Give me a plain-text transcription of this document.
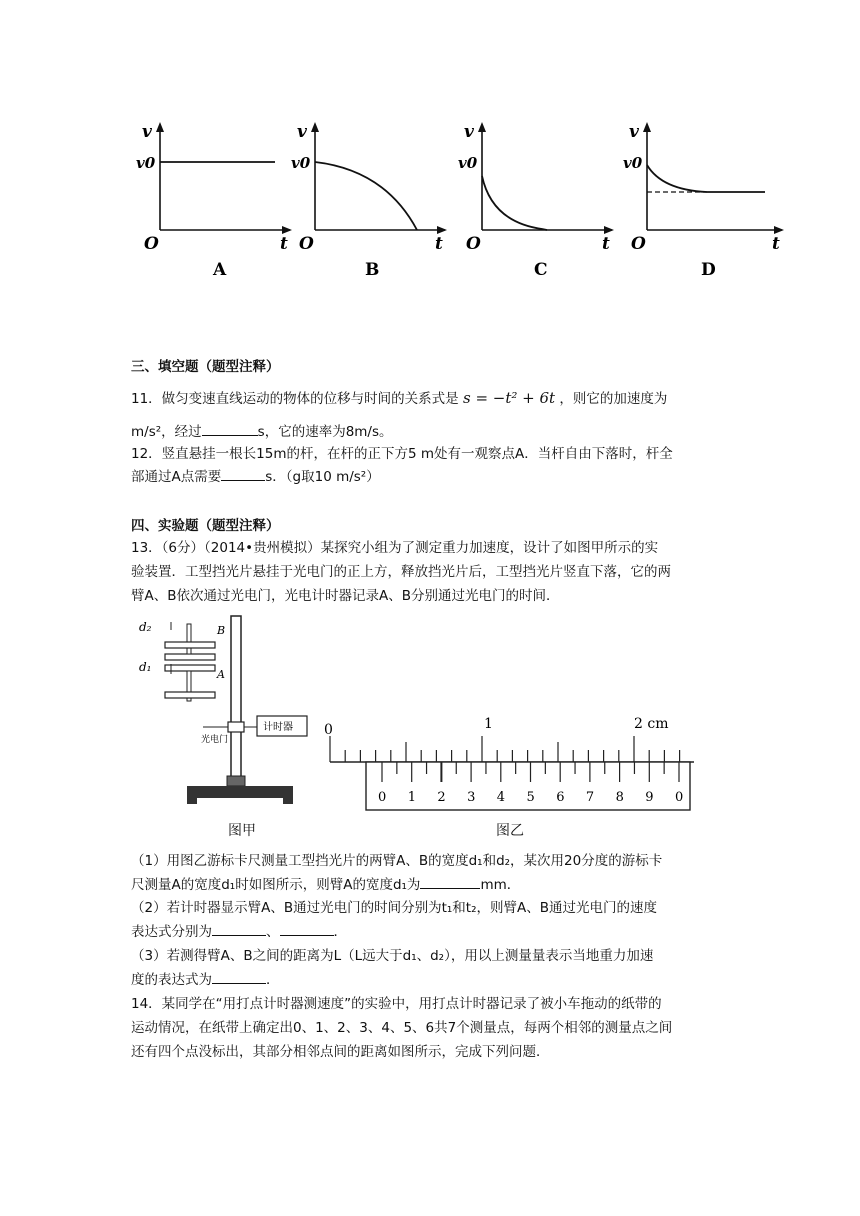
v
v0
O	t
A
v
v0
O	t
B
v
v0
O	t
C
v
v0
O	t
D
三、填空题（题型注释）
11．做匀变速直线运动的物体的位移与时间的关系式是 s = −t² + 6t ，则它的加速度为
m/s²，经过	s，它的速率为8m/s。
12．竖直悬挂一根长15m的杆，在杆的正下方5 m处有一观察点A．当杆自由下落时，杆全
部通过A点需要	s．（g取10 m/s²）
四、实验题（题型注释）
13．（6分）（2014•贵州模拟）某探究小组为了测定重力加速度，设计了如图甲所示的实
验装置．工型挡光片悬挂于光电门的正上方，释放挡光片后，工型挡光片竖直下落，它的两
臂A、B依次通过光电门，光电计时器记录A、B分别通过光电门的时间．
d₂
d₁
B
A
计时器
光电门
图甲
0	1	2 cm
0 1 2 3 4 5 6 7 8 9 0
图乙
（1）用图乙游标卡尺测量工型挡光片的两臂A、B的宽度d₁和d₂，某次用20分度的游标卡
尺测量A的宽度d₁时如图所示，则臂A的宽度d₁为	mm．
（2）若计时器显示臂A、B通过光电门的时间分别为t₁和t₂，则臂A、B通过光电门的速度
表达式分别为	、	．
（3）若测得臂A、B之间的距离为L（L远大于d₁、d₂），用以上测量量表示当地重力加速
度的表达式为	．
14．某同学在“用打点计时器测速度”的实验中，用打点计时器记录了被小车拖动的纸带的
运动情况，在纸带上确定出0、1、2、3、4、5、6共7个测量点，每两个相邻的测量点之间
还有四个点没标出，其部分相邻点间的距离如图所示，完成下列问题．
